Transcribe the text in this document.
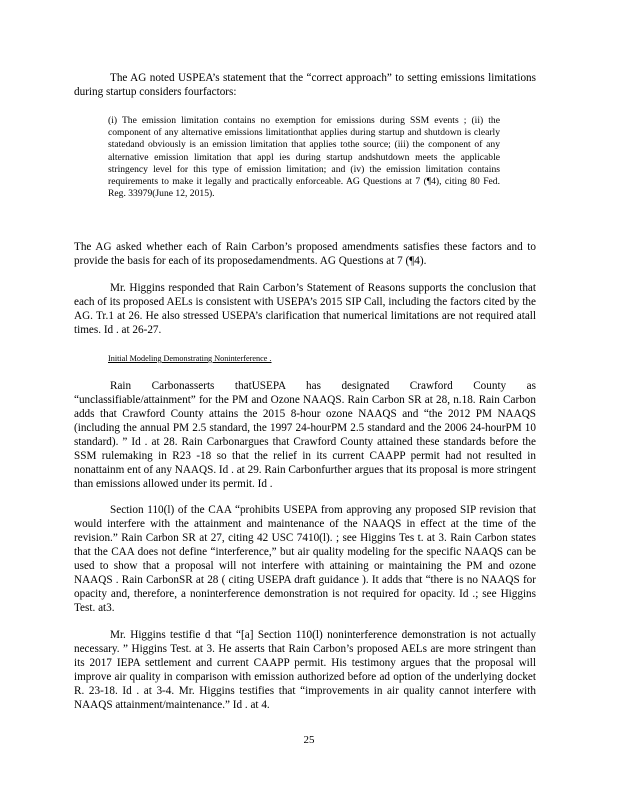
The AG noted USPEA’s statement that the “correct approach” to setting emissions limitations during startup considers fourfactors:

(i) The emission limitation contains no exemption for emissions during SSM events ; (ii) the component of any alternative emissions limitationthat applies during startup and shutdown is clearly statedand obviously is an emission limitation that applies tothe source; (iii) the component of any alternative emission limitation that appl ies during startup andshutdown meets the applicable stringency level for this type of emission limitation; and (iv) the emission limitation contains requirements to make it legally and practically enforceable. AG Questions at 7 (¶4), citing 80 Fed. Reg. 33979(June 12, 2015).

The AG asked whether each of Rain Carbon’s proposed amendments satisfies these factors and to provide the basis for each of its proposedamendments. AG Questions at 7 (¶4).

Mr. Higgins responded that Rain Carbon’s Statement of Reasons supports the conclusion that each of its proposed AELs is consistent with USEPA’s 2015 SIP Call, including the factors cited by the AG. Tr.1 at 26. He also stressed USEPA’s clarification that numerical limitations are not required atall times. Id . at 26-27.

Initial Modeling Demonstrating Noninterference .

Rain Carbonasserts thatUSEPA has designated Crawford County as “unclassifiable/attainment” for the PM and Ozone NAAQS. Rain Carbon SR at 28, n.18. Rain Carbon adds that Crawford County attains the 2015 8-hour ozone NAAQS and “the 2012 PM NAAQS (including the annual PM 2.5 standard, the 1997 24-hourPM 2.5 standard and the 2006 24-hourPM 10 standard). ” Id . at 28. Rain Carbonargues that Crawford County attained these standards before the SSM rulemaking in R23 -18 so that the relief in its current CAAPP permit had not resulted in nonattainm ent of any NAAQS. Id . at 29. Rain Carbonfurther argues that its proposal is more stringent than emissions allowed under its permit. Id .

Section 110(l) of the CAA “prohibits USEPA from approving any proposed SIP revision that would interfere with the attainment and maintenance of the NAAQS in effect at the time of the revision.” Rain Carbon SR at 27, citing 42 USC 7410(l). ; see Higgins Tes t. at 3. Rain Carbon states that the CAA does not define “interference,” but air quality modeling for the specific NAAQS can be used to show that a proposal will not interfere with attaining or maintaining the PM and ozone NAAQS . Rain CarbonSR at 28 ( citing USEPA draft guidance ). It adds that “there is no NAAQS for opacity and, therefore, a noninterference demonstration is not required for opacity. Id .; see Higgins Test. at3.

Mr. Higgins testifie d that “[a] Section 110(l) noninterference demonstration is not actually necessary. ” Higgins Test. at 3. He asserts that Rain Carbon’s proposed AELs are more stringent than its 2017 IEPA settlement and current CAAPP permit. His testimony argues that the proposal will improve air quality in comparison with emission authorized before ad option of the underlying docket R. 23-18. Id . at 3-4. Mr. Higgins testifies that “improvements in air quality cannot interfere with NAAQS attainment/maintenance.” Id . at 4.

25
